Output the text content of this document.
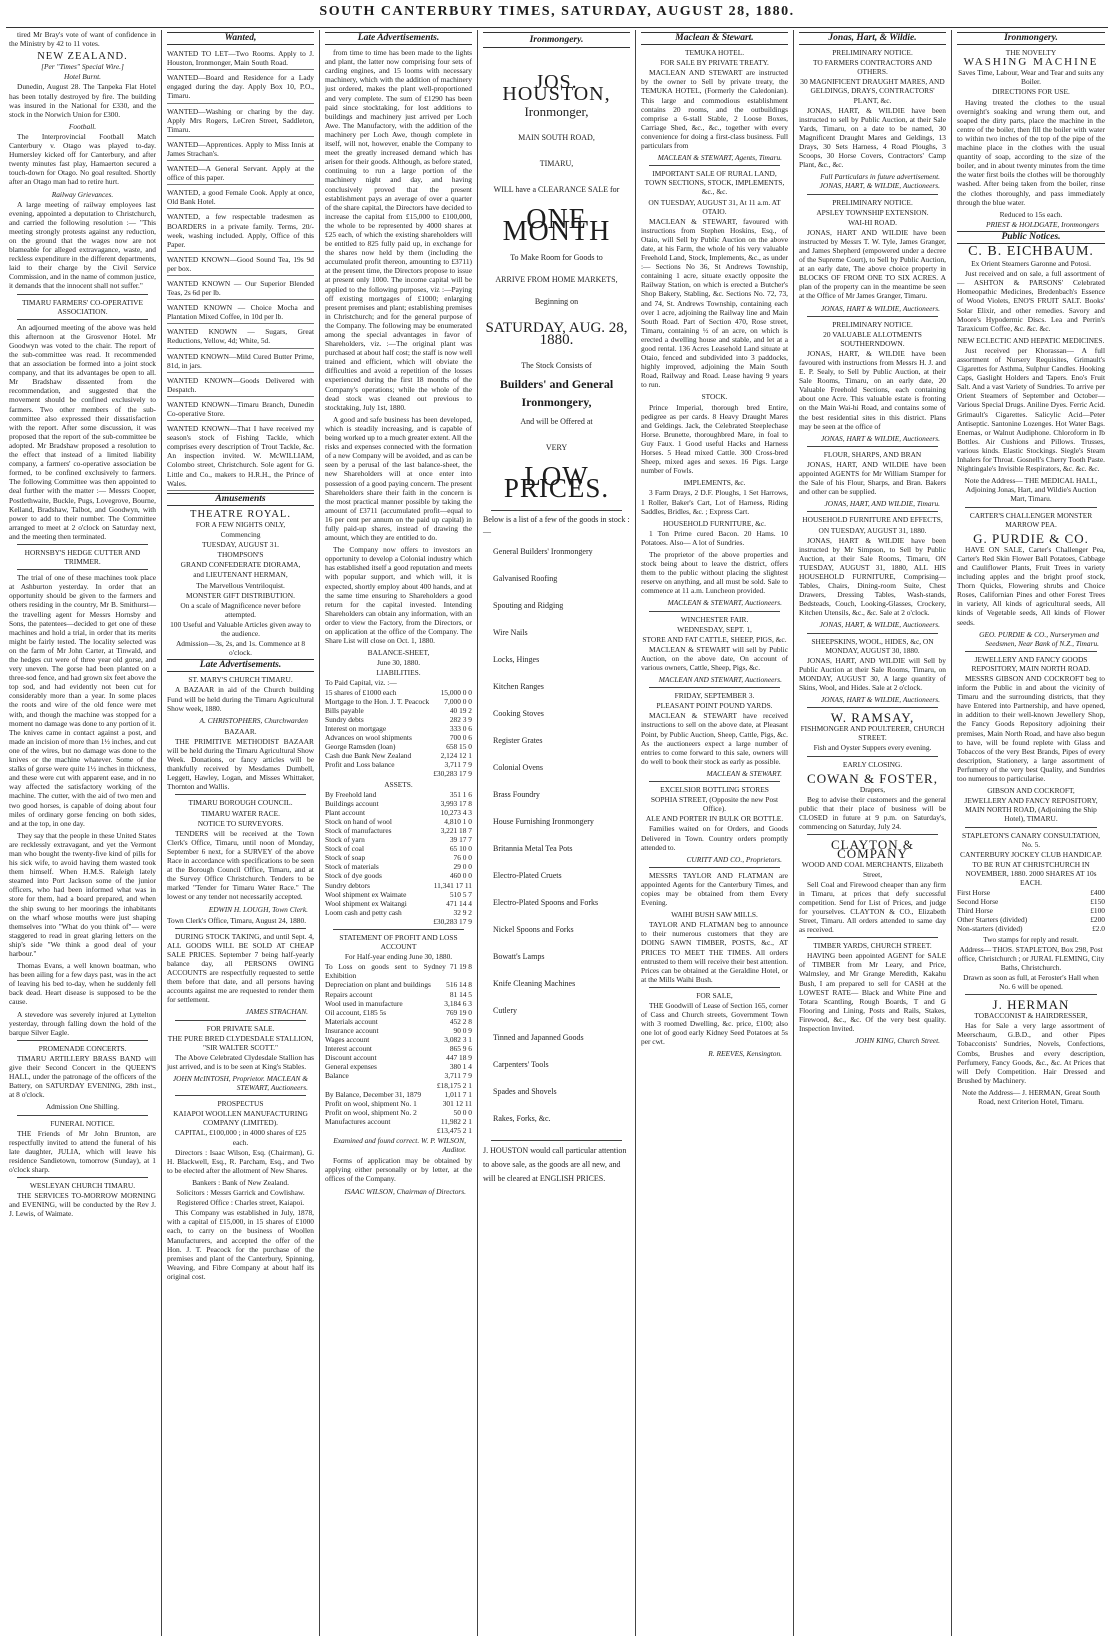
SOUTH CANTERBURY TIMES, SATURDAY, AUGUST 28, 1880.

tired Mr Bray's vote of want of confidence in the Ministry by 42 to 11 votes.

NEW ZEALAND.
[Per "Times" Special Wire.]
Hotel Burnt.

Dunedin, August 28. The Tanpeka Flat Hotel has been totally destroyed by fire. The building was insured in the National for £330, and the stock in the Norwich Union for £300.

Football.

The Interprovincial Football Match Canterbury v. Otago was played to-day. Humersley kicked off for Canterbury, and after twenty minutes fast play, Hamaerton secured a touch-down for Otago. No goal resulted. Shortly after an Otago man had to retire hurt.

Railway Grievances.

A large meeting of railway employees last evening, appointed a deputation to Christchurch, and carried the following resolution :— "This meeting strongly protests against any reduction, on the ground that the wages now are not blameable for alleged extravagance, waste, and reckless expenditure in the different departments, laid to their charge by the Civil Service Commission, and in the name of common justice, it demands that the innocent shall not suffer."

TIMARU FARMERS' CO-OPERATIVE ASSOCIATION.

An adjourned meeting of the above was held this afternoon at the Grosvenor Hotel. Mr Goodwyn was voted to the chair. The report of the sub-committee was read. It recommended that an association be formed into a joint stock company, and that its advantages be open to all. Mr Bradshaw dissented from the recommendation, and suggested that the movement should be confined exclusively to farmers. Two other members of the sub-committee also expressed their dissatisfaction with the report. After some discussion, it was proposed that the report of the sub-committee be adopted. Mr Bradshaw proposed a resolution to the effect that instead of a limited liability company, a farmers' co-operative association be formed, to be confined exclusively to farmers. The following Committee was then appointed to deal further with the matter :— Messrs Cooper, Postlethwaite, Buckle, Pugs, Lovegrove, Bourne, Kelland, Bradshaw, Talbot, and Goodwyn, with power to add to their number. The Committee arranged to meet at 2 o'clock on Saturday next, and the meeting then terminated.

HORNSBY'S HEDGE CUTTER AND TRIMMER.

The trial of one of these machines took place at Ashburton yesterday. In order that an opportunity should be given to the farmers and others residing in the country, Mr B. Smithurst—the travelling agent for Messrs Hornsby and Sons, the patentees—decided to get one of these machines and hold a trial, in order that its merits might be fairly tested. The locality selected was on the farm of Mr John Carter, at Tinwald, and the hedges cut were of three year old gorse, and very uneven. The gorse had been planted on a three-sod fence, and had grown six feet above the top sod, and had evidently not been cut for considerably more than a year. In some places the roots and wire of the old fence were met with, and though the machine was stopped for a moment no damage was done to any portion of it. The knives came in contact against a post, and made an incision of more than 1½ inches, and cut one of the wires, but no damage was done to the knives or the machine whatever. Some of the stalks of gorse were quite 1½ inches in thickness, and these were cut with apparent ease, and in no way affected the satisfactory working of the machine. The cutter, with the aid of two men and two good horses, is capable of doing about four miles of ordinary gorse fencing on both sides, and at the top, in one day.

They say that the people in these United States are recklessly extravagant, and yet the Vermont man who bought the twenty-five kind of pills for his sick wife, to avoid having them wasted took them himself. When H.M.S. Raleigh lately steamed into Port Jackson some of the junior officers, who had been informed what was in store for them, had a board prepared, and when the ship swung to her moorings the inhabitants on the wharf whose mouths were just shaping themselves into "What do you think of"— were staggered to read in great glaring letters on the ship's side "We think a good deal of your harbour."

Thomas Evans, a well known boatman, who has been ailing for a few days past, was in the act of leaving his bed to-day, when he suddenly fell back dead. Heart disease is supposed to be the cause.

A stevedore was severely injured at Lyttelton yesterday, through falling down the hold of the barque Silver Eagle.

PROMENADE CONCERTS.

TIMARU ARTILLERY BRASS BAND will give their Second Concert in the QUEEN'S HALL, under the patronage of the officers of the Battery, on SATURDAY EVENING, 28th inst., at 8 o'clock.

Admission One Shilling.
FUNERAL NOTICE.

THE Friends of Mr John Brunton, are respectfully invited to attend the funeral of his late daughter, JULIA, which will leave his residence Sandietown, tomorrow (Sunday), at 1 o'clock sharp.

WESLEYAN CHURCH TIMARU.

THE SERVICES TO-MORROW MORNING and EVENING, will be conducted by the Rev J. J. Lewis, of Waimate.

Wanted,
WANTED TO LET—Two Rooms. Apply to J. Houston, Ironmonger, Main South Road.
WANTED—Board and Residence for a Lady engaged during the day. Apply Box 10, P.O., Timaru.
WANTED—Washing or charing by the day. Apply Mrs Rogers, LeCren Street, Saddleton, Timaru.
WANTED—Apprentices. Apply to Miss Innis at James Strachan's.
WANTED—A General Servant. Apply at the office of this paper.
WANTED, a good Female Cook. Apply at once, Old Bank Hotel.
WANTED, a few respectable tradesmen as BOARDERS in a private family. Terms, 20/- week, washing included. Apply, Office of this Paper.
WANTED KNOWN—Good Sound Tea, 19s 9d per box.
WANTED KNOWN — Our Superior Blended Teas, 2s 6d per lb.
WANTED KNOWN — Choice Mocha and Plantation Mixed Coffee, in 10d per lb.
WANTED KNOWN — Sugars, Great Reductions, Yellow, 4d; White, 5d.
WANTED KNOWN—Mild Cured Butter Prime, 81d, in jars.
WANTED KNOWN—Goods Delivered with Despatch.
WANTED KNOWN—Timaru Branch, Dunedin Co-operative Store.
WANTED KNOWN—That I have received my season's stock of Fishing Tackle, which comprises every description of Trout Tackle, &c. An inspection invited. W. McWILLIAM, Colombo street, Christchurch. Sole agent for G. Little and Co., makers to H.R.H., the Prince of Wales.
Amusements
THEATRE ROYAL.
FOR A FEW NIGHTS ONLY,
Commencing
TUESDAY, AUGUST 31.
THOMPSON'S
GRAND CONFEDERATE DIORAMA,
and LIEUTENANT HERMAN,
The Marvellous Ventriloquist.
MONSTER GIFT DISTRIBUTION.
On a scale of Magnificence never before attempted.
100 Useful and Valuable Articles given away to the audience.
Admission—3s, 2s, and 1s. Commence at 8 o'clock.
Late Advertisements.
ST. MARY'S CHURCH TIMARU.

A BAZAAR in aid of the Church building Fund will be held during the Timaru Agricultural Show week, 1880.

A. CHRISTOPHERS, Churchwarden
BAZAAR.

THE PRIMITIVE METHODIST BAZAAR will be held during the Timaru Agricultural Show Week. Donations, or fancy articles will be thankfully received by Mesdames Dumbell, Leggett, Hawley, Logan, and Misses Whittaker, Thornton and Wallis.

TIMARU BOROUGH COUNCIL.
TIMARU WATER RACE.
NOTICE TO SURVEYORS.

TENDERS will be received at the Town Clerk's Office, Timaru, until noon of Monday, September 6 next, for a SURVEY of the above Race in accordance with specifications to be seen at the Borough Council Office, Timaru, and at the Survey Office Christchurch. Tenders to be marked "Tender for Timaru Water Race." The lowest or any tender not necessarily accepted.

EDWIN H. LOUGH, Town Clerk.
Town Clerk's Office, Timaru, August 24, 1880.

DURING STOCK TAKING, and until Sept. 4, ALL GOODS WILL BE SOLD AT CHEAP SALE PRICES. September 7 being half-yearly balance day, all PERSONS OWING ACCOUNTS are respectfully requested to settle them before that date, and all persons having accounts against me are requested to render them for settlement.

JAMES STRACHAN.
FOR PRIVATE SALE.
THE PURE BRED CLYDESDALE STALLION, "SIR WALTER SCOTT."

The Above Celebrated Clydesdale Stallion has just arrived, and is to be seen at King's Stables.

JOHN McINTOSH, Proprietor. MACLEAN & STEWART, Auctioneers.
PROSPECTUS
KAIAPOI WOOLLEN MANUFACTURING COMPANY (LIMITED).
CAPITAL, £100,000 ; in 4000 shares of £25 each.

Directors : Isaac Wilson, Esq. (Chairman), G. H. Blackwell, Esq., R. Parcham, Esq., and Two to be elected after the allotment of New Shares.

Bankers : Bank of New Zealand.
Solicitors : Messrs Garrick and Cowlishaw.
Registered Office : Charles street, Kaiapoi.

This Company was established in July, 1878, with a capital of £15,000, in 15 shares of £1000 each, to carry on the business of Woollen Manufacturers, and accepted the offer of the Hon. J. T. Peacock for the purchase of the premises and plant of the Canterbury, Spinning, Weaving, and Fibre Company at about half its original cost.

Late Advertisements.

from time to time has been made to the lights and plant, the latter now comprising four sets of carding engines, and 15 looms with necessary machinery, which with the addition of machinery just ordered, makes the plant well-proportioned and very complete. The sum of £1290 has been paid since stocktaking, for lost additions to buildings and machinery just arrived per Loch Awe. The Manufactory, with the addition of the machinery per Loch Awe, though complete in itself, will not, however, enable the Company to meet the greatly increased demand which has arisen for their goods. Although, as before stated, continuing to run a large portion of the machinery night and day, and having conclusively proved that the present establishment pays an average of over a quarter of the share capital, the Directors have decided to increase the capital from £15,000 to £100,000, the whole to be represented by 4000 shares at £25 each, of which the existing shareholders will be entitled to 825 fully paid up, in exchange for the shares now held by them (including the accumulated profit thereon, amounting to £3711) at the present time, the Directors propose to issue at present only 1000. The income capital will be applied to the following purposes, viz :—Paying off existing mortgages of £1000; enlarging present premises and plant; establishing premises in Christchurch; and for the general purpose of the Company. The following may be enumerated among the special advantages in favor of Shareholders, viz. :—The original plant was purchased at about half cost; the staff is now well trained and efficient, which will obviate the difficulties and avoid a repetition of the losses experienced during the first 18 months of the Company's operations; while the whole of the dead stock was cleaned out previous to stocktaking, July 1st, 1880.

A good and safe business has been developed, which is steadily increasing, and is capable of being worked up to a much greater extent. All the risks and expenses connected with the formation of a new Company will be avoided, and as can be seen by a perusal of the last balance-sheet, the new Shareholders will at once enter into possession of a good paying concern. The present Shareholders share their faith in the concern is the most practical manner possible by taking the amount of £3711 (accumulated profit—equal to 16 per cent per annum on the paid up capital) in fully paid-up shares, instead of drawing the amount, which they are entitled to do.

The Company now offers to investors an opportunity to develop a Colonial industry which has established itself a good reputation and meets with popular support, and which will, it is expected, shortly employ about 400 hands, and at the same time ensuring to Shareholders a good return for the capital invested. Intending Shareholders can obtain any information, with an order to view the Factory, from the Directors, or on application at the office of the Company. The Share List will close on Oct. 1, 1880.

BALANCE-SHEET,
June 30, 1880.
LIABILITIES.
To Paid Capital, viz. :—
15 shares of £1000 each	15,000 0 0
Mortgage to the Hon. J. T. Peacock 7,000 0 0
Bills payable	40 19 2
Sundry debts	282 3 9
Interest on mortgage	333 0 6
Advances on wool shipments	700 0 6
George Ramsden (loan)	658 15 0
Cash due Bank New Zealand	2,124 12 1
Profit and Loss balance	3,711 7 9
£30,283 17 9
ASSETS.
By Freehold land	351 1 6
Buildings account	3,993 17 8
Plant account	10,273 4 3
Stock on hand of wool	4,810 1 0
Stock of manufactures	3,221 18 7
Stock of yarn	39 17 7
Stock of coal	65 10 0
Stock of soap	76 0 0
Stock of materials	29 0 0
Stock of dye goods	460 0 0
Sundry debtors	11,341 17 11
Wool shipment ex Waimate	510 5 7
Wool shipment ex Waitangi	471 14 4
Loom cash and petty cash	32 9 2
£30,283 17 9
STATEMENT OF PROFIT AND LOSS ACCOUNT
For Half-year ending June 30, 1880.
To Loss on goods sent to Sydney Exhibition
71 19 8
Depreciation on plant and buildings 516 14 8
Repairs account	81 14 5
Wool used in manufacture	3,184 6 3
Oil account, £185 5s	769 19 0
Materials account	452 2 8
Insurance account	90 0 9
Wages account	3,082 3 1
Interest account	865 9 6
Discount account	447 18 9
General expenses	380 1 4
Balance	3,711 7 9
£18,175 2 1
By Balance, December 31, 1879	1,011 7 1
Profit on wool, shipment No. 1	301 12 11
Profit on wool, shipment No. 2	50 0 0
Manufactures account	11,982 2 1
£13,475 2 1
Examined and found correct. W. P. WILSON, Auditor.

Forms of application may be obtained by applying either personally or by letter, at the offices of the Company.

ISAAC WILSON, Chairman of Directors.
Ironmongery.
JOS. HOUSTON,
Ironmonger,
MAIN SOUTH ROAD,
TIMARU,
WILL have a CLEARANCE SALE for
ONE MONTH
To Make Room for Goods to
ARRIVE FROM HOME MARKETS,
Beginning on
SATURDAY, AUG. 28, 1880.
The Stock Consists of
Builders' and General
Ironmongery,
And will be Offered at
VERY
LOW PRICES.
Below is a list of a few of the goods in stock :—
General Builders' Ironmongery
Galvanised Roofing
Spouting and Ridging
Wire Nails
Locks, Hinges
Kitchen Ranges
Cooking Stoves
Register Grates
Colonial Ovens
Brass Foundry
House Furnishing Ironmongery
Britannia Metal Tea Pots
Electro-Plated Cruets
Electro-Plated Spoons and Forks
Nickel Spoons and Forks
Bowatt's Lamps
Knife Cleaning Machines
Cutlery
Tinned and Japanned Goods
Carpenters' Tools
Spades and Shovels
Rakes, Forks, &c.
J. HOUSTON would call particular attention to above sale, as the goods are all new, and will be cleared at ENGLISH PRICES.
Maclean & Stewart.
TEMUKA HOTEL.
FOR SALE BY PRIVATE TREATY.

MACLEAN AND STEWART are instructed by the owner to Sell by private treaty, the TEMUKA HOTEL, (Formerly the Caledonian). This large and commodious establishment contains 20 rooms, and the outbuildings comprise a 6-stall Stable, 2 Loose Boxes, Carriage Shed, &c., &c., together with every convenience for doing a first-class business. Full particulars from

MACLEAN & STEWART, Agents, Timaru.
IMPORTANT SALE OF RURAL LAND, TOWN SECTIONS, STOCK, IMPLEMENTS, &c., &c.
ON TUESDAY, AUGUST 31, At 11 a.m. AT OTAIO.

MACLEAN & STEWART, favoured with instructions from Stephen Hoskins, Esq., of Otaio, will Sell by Public Auction on the above date, at his Farm, the whole of his very valuable Freehold Land, Stock, Implements, &c., as under :— Sections No 36, St Andrews Township, containing 1 acre, situate exactly opposite the Railway Station, on which is erected a Butcher's Shop Bakery, Stabling, &c. Sections No. 72, 73, and 74, St. Andrews Township, containing each over 1 acre, adjoining the Railway line and Main South Road. Part of Section 470, Rose street, Timaru, containing ½ of an acre, on which is erected a dwelling house and stable, and let at a good rental. 136 Acres Leasehold Land situate at Otaio, fenced and subdivided into 3 paddocks, highly improved, adjoining the Main South Road, Railway and Road. Lease having 9 years to run.

STOCK.

Prince Imperial, thorough bred Entire, pedigree as per cards. 8 Heavy Draught Mares and Geldings. Jack, the Celebrated Steeplechase Horse. Brunette, thoroughbred Mare, in foal to Guy Faux. 1 Good useful Hacks and Harness Horses. 5 Head mixed Cattle. 300 Cross-bred Sheep, mixed ages and sexes. 16 Pigs. Large number of Fowls.

IMPLEMENTS, &c.

3 Farm Drays, 2 D.F. Ploughs, 1 Set Harrows, 1 Roller, Baker's Cart, Lot of Harness, Riding Saddles, Bridles, &c. ; Express Cart.

HOUSEHOLD FURNITURE, &c.

1 Ton Prime cured Bacon. 20 Hams. 10 Potatoes. Also— A lot of Sundries.

The proprietor of the above properties and stock being about to leave the district, offers them to the public without placing the slightest reserve on anything, and all must be sold. Sale to commence at 11 a.m. Luncheon provided.

MACLEAN & STEWART, Auctioneers.
WINCHESTER FAIR.
WEDNESDAY, SEPT. 1,
STORE AND FAT CATTLE, SHEEP, PIGS, &c.

MACLEAN & STEWART will sell by Public Auction, on the above date, On account of various owners, Cattle, Sheep, Pigs, &c.

MACLEAN AND STEWART, Auctioneers.
FRIDAY, SEPTEMBER 3.
PLEASANT POINT POUND YARDS.

MACLEAN & STEWART have received instructions to sell on the above date, at Pleasant Point, by Public Auction, Sheep, Cattle, Pigs, &c. As the auctioneers expect a large number of entries to come forward to this sale, owners will do well to book their stock as early as possible.

MACLEAN & STEWART.
EXCELSIOR BOTTLING STORES
SOPHIA STREET, (Opposite the new Post Office).
ALE AND PORTER IN BULK OR BOTTLE.

Families waited on for Orders, and Goods Delivered in Town. Country orders promptly attended to.

CURITT AND CO., Proprietors.

MESSRS TAYLOR AND FLATMAN are appointed Agents for the Canterbury Times, and copies may be obtained from them Every Evening.

WAIHI BUSH SAW MILLS.

TAYLOR AND FLATMAN beg to announce to their numerous customers that they are DOING SAWN TIMBER, POSTS, &c., AT PRICES TO MEET THE TIMES. All orders entrusted to them will receive their best attention. Prices can be obtained at the Geraldine Hotel, or at the Mills Waihi Bush.

FOR SALE,

THE Goodwill of Lease of Section 165, corner of Cass and Church streets, Government Town with 3 roomed Dwelling, &c. price, £100; also one lot of good early Kidney Seed Potatoes at 5s per cwt.

R. REEVES, Kensington.
Jonas, Hart, & Wildie.
PRELIMINARY NOTICE.
TO FARMERS CONTRACTORS AND OTHERS.
30 MAGNIFICENT DRAUGHT MARES, AND GELDINGS, DRAYS, CONTRACTORS' PLANT, &c.

JONAS, HART, & WILDIE have been instructed to sell by Public Auction, at their Sale Yards, Timaru, on a date to be named, 30 Magnificent Draught Mares and Geldings, 13 Drays, 30 Sets Harness, 4 Road Ploughs, 3 Scoops, 30 Horse Covers, Contractors' Camp Plant, &c., &c.

Full Particulars in future advertisement. JONAS, HART, & WILDIE, Auctioneers.
PRELIMINARY NOTICE.
APSLEY TOWNSHIP EXTENSION.
WAI-HI ROAD.

JONAS, HART AND WILDIE have been instructed by Messrs T. W. Tyle, James Granger, and James Shepherd (empowered under a decree of the Supreme Court), to Sell by Public Auction, at an early date, The above choice property in BLOCKS OF FROM ONE TO SIX ACRES. A plan of the property can in the meantime be seen at the Office of Mr James Granger, Timaru.

JONAS, HART & WILDIE, Auctioneers.
PRELIMINARY NOTICE.
20 VALUABLE ALLOTMENTS SOUTHERNDOWN.

JONAS, HART, & WILDIE have been favoured with instructions from Messrs H. J. and E. P. Sealy, to Sell by Public Auction, at their Sale Rooms, Timaru, on an early date, 20 Valuable Freehold Sections, each containing about one Acre. This valuable estate is fronting on the Main Wai-hi Road, and contains some of the best residential sites in this district. Plans may be seen at the office of

JONAS, HART & WILDIE, Auctioneers.
FLOUR, SHARPS, AND BRAN

JONAS, HART, AND WILDIE have been appointed AGENTS for Mr William Stamper for the Sale of his Flour, Sharps, and Bran. Bakers and other can be supplied.

JONAS, HART, AND WILDIE, Timaru.
HOUSEHOLD FURNITURE AND EFFECTS,
ON TUESDAY, AUGUST 31, 1880.

JONAS, HART & WILDIE have been instructed by Mr Simpson, to Sell by Public Auction, at their Sale Rooms, Timaru, ON TUESDAY, AUGUST 31, 1880, ALL HIS HOUSEHOLD FURNITURE, Comprising— Tables, Chairs, Dining-room Suite, Chest Drawers, Dressing Tables, Wash-stands, Bedsteads, Couch, Looking-Glasses, Crockery, Kitchen Utensils, &c., &c. Sale at 2 o'clock.

JONAS, HART, & WILDIE, Auctioneers.
SHEEPSKINS, WOOL, HIDES, &c, ON MONDAY, AUGUST 30, 1880.

JONAS, HART, AND WILDIE will Sell by Public Auction at their Sale Rooms, Timaru, on MONDAY, AUGUST 30, A large quantity of Skins, Wool, and Hides. Sale at 2 o'clock.

JONAS, HART & WILDIE, Auctioneers.
W. RAMSAY,
FISHMONGER AND POULTERER, CHURCH STREET.
Fish and Oyster Suppers every evening.
EARLY CLOSING.
COWAN & FOSTER,
Drapers,

Beg to advise their customers and the general public that their place of business will be CLOSED in future at 9 p.m. on Saturday's, commencing on Saturday, July 24.

CLAYTON & COMPANY
WOOD AND COAL MERCHANTS, Elizabeth Street,

Sell Coal and Firewood cheaper than any firm in Timaru, at prices that defy successful competition. Send for List of Prices, and judge for yourselves. CLAYTON & CO., Elizabeth Street, Timaru. All orders attended to same day as received.

TIMBER YARDS, CHURCH STREET.

HAVING been appointed AGENT for SALE of TIMBER from Mr Leary, and Price, Walmsley, and Mr Grange Meredith, Kakahu Bush, I am prepared to sell for CASH at the LOWEST RATE— Black and White Pine and Totara Scantling, Rough Boards, T and G Flooring and Lining, Posts and Rails, Stakes, Firewood, &c., &c. Of the very best quality. Inspection Invited.

JOHN KING, Church Street.
Ironmongery.
THE NOVELTY
WASHING MACHINE
Saves Time, Labour, Wear and Tear and suits any Boiler.
DIRECTIONS FOR USE.

Having treated the clothes to the usual overnight's soaking and wrung them out, and soaped the dirty parts, place the machine in the centre of the boiler, then fill the boiler with water to within two inches of the top of the pipe of the machine place in the clothes with the usual quantity of soap, according to the size of the boiler, and in about twenty minutes from the time the water first boils the clothes will be thoroughly washed. After being taken from the boiler, rinse the clothes thoroughly, and pass immediately through the blue water.

Reduced to 15s each.
PRIEST & HOLDGATE, Ironmongers
Public Notices.
C. B. EICHBAUM.
Ex Orient Steamers Garonne and Potosi.

Just received and on sale, a full assortment of— ASHTON & PARSONS' Celebrated Homeopathic Medicines, Bredenbach's Essence of Wood Violets, ENO'S FRUIT SALT. Books' Solar Elixir, and other remedies. Savory and Moore's Hypodermic Discs. Lea and Perrin's Taraxicum Coffee, &c. &c. &c.

NEW ECLECTIC AND HEPATIC MEDICINES.

Just received per Khorassan— A full assortment of Nursery Requisites, Grimault's Cigarettes for Asthma, Sulphur Candles. Hooking Caps, Gaslight Holders and Tapers. Eno's Fruit Salt. And a vast Variety of Sundries. To arrive per Orient Steamers of September and October— Various Special Drugs. Aniline Dyes. Ferric Acid. Grimault's Cigarettes. Salicylic Acid—Peter Antiseptic. Santonine Lozenges. Hot Water Bags. Enemas, or Walnut Audiphone. Chloroform in Ib Bottles. Air Cushions and Pillows. Trusses, various kinds. Elastic Stockings. Siegle's Steam Inhalers for Throat. Gosnell's Cherry Tooth Paste. Nightingale's Invisible Respirators, &c. &c. &c.

Note the Address— THE MEDICAL HALL, Adjoining Jonas, Hart, and Wildie's Auction Mart, Timaru.
CARTER'S CHALLENGER MONSTER MARROW PEA.
G. PURDIE & CO.

HAVE ON SALE, Carter's Challenger Pea, Carter's Red Skin Flower Ball Potatoes, Cabbage and Cauliflower Plants, Fruit Trees in variety including apples and the bright proof stock, Thorn Quicks, Flowering shrubs and Choice Roses, Californian Pines and other Forest Trees in variety, All kinds of agricultural seeds, All kinds of Vegetable seeds, All kinds of Flower seeds.

GEO. PURDIE & CO., Nurserymen and Seedsmen, Near Bank of N.Z., Timaru.
JEWELLERY AND FANCY GOODS REPOSITORY, MAIN NORTH ROAD.

MESSRS GIBSON AND COCKROFT beg to inform the Public in and about the vicinity of Timaru and the surrounding districts, that they have Entered into Partnership, and have opened, in addition to their well-known Jewellery Shop, the Fancy Goods Repository adjoining their premises, Main North Road, and have also begun to have, will be found replete with Glass and Tobaccos of the very Best Brands, Pipes of every description, Stationery, a large assortment of Perfumery of the very best Quality, and Sundries too numerous to particularise.

GIBSON AND COCKROFT,
JEWELLERY AND FANCY REPOSITORY, MAIN NORTH ROAD, (Adjoining the Ship Hotel), TIMARU.
STAPLETON'S CANARY CONSULTATION, No. 5.
CANTERBURY JOCKEY CLUB HANDICAP.
TO BE RUN AT CHRISTCHURCH IN NOVEMBER, 1880. 2000 SHARES AT 10s EACH.
First Horse	£400
Second Horse	£150
Third Horse	£100
Other Starters (divided)	£200
Non-starters (divided)	£2.0
Two stamps for reply and result.
Address— THOS. STAPLETON, Box 298, Post office, Christchurch ; or JURAL FLEMING, City Baths, Christchurch.
Drawn as soon as full, at Feroster's Hall when No. 6 will be opened.
J. HERMAN
TOBACCONIST & HAIRDRESSER,

Has for Sale a very large assortment of Meerschaum, G.B.D., and other Pipes Tobacconists' Sundries, Novels, Confections, Combs, Brushes and every description, Perfumery, Fancy Goods, &c., &c. At Prices that will Defy Competition. Hair Dressed and Brushed by Machinery.

Note the Address— J. HERMAN, Great South Road, next Criterion Hotel, Timaru.
